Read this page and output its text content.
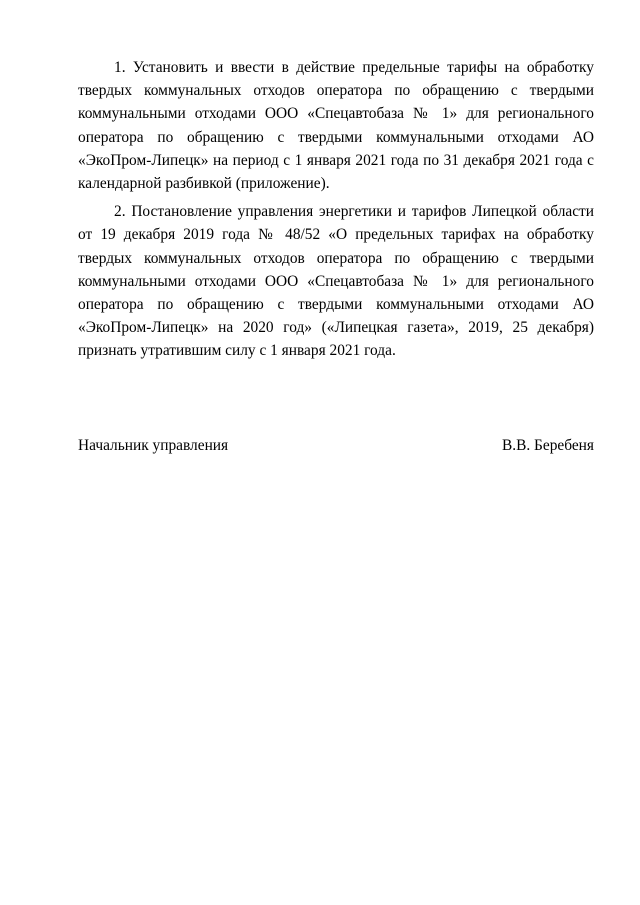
1. Установить и ввести в действие предельные тарифы на обработку твердых коммунальных отходов оператора по обращению с твердыми коммунальными отходами ООО «Спецавтобаза № 1» для регионального оператора по обращению с твердыми коммунальными отходами АО «ЭкоПром-Липецк» на период с 1 января 2021 года по 31 декабря 2021 года с календарной разбивкой (приложение).

2. Постановление управления энергетики и тарифов Липецкой области от 19 декабря 2019 года № 48/52 «О предельных тарифах на обработку твердых коммунальных отходов оператора по обращению с твердыми коммунальными отходами ООО «Спецавтобаза № 1» для регионального оператора по обращению с твердыми коммунальными отходами АО «ЭкоПром-Липецк» на 2020 год» («Липецкая газета», 2019, 25 декабря) признать утратившим силу с 1 января 2021 года.

Начальник управления	В.В. Беребеня
